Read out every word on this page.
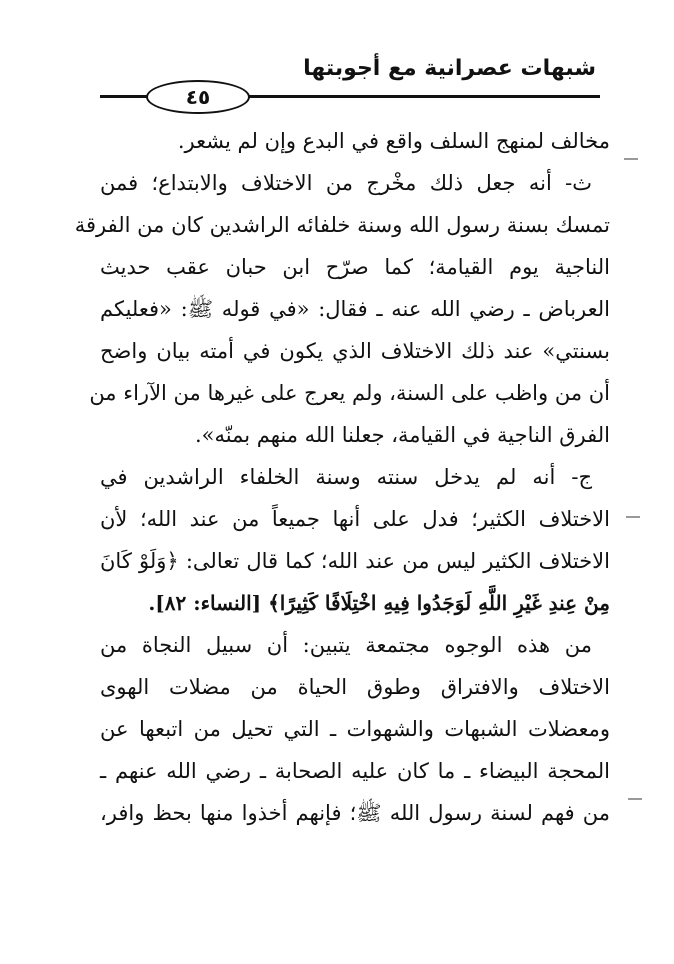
شبهات عصرانية مع أجوبتها
٤٥
مخالف لمنهج السلف واقع في البدع وإن لم يشعر.
ث- أنه جعل ذلك مخْرج من الاختلاف والابتداع؛ فمن
تمسك بسنة رسول الله وسنة خلفائه الراشدين كان من الفرقة
الناجية يوم القيامة؛ كما صرّح ابن حبان عقب حديث
العرباض ـ رضي الله عنه ـ فقال: «في قوله ﷺ: «فعليكم
بسنتي» عند ذلك الاختلاف الذي يكون في أمته بيان واضح
أن من واظب على السنة، ولم يعرج على غيرها من الآراء من
الفرق الناجية في القيامة، جعلنا الله منهم بمنّه».
ج- أنه لم يدخل سنته وسنة الخلفاء الراشدين في
الاختلاف الكثير؛ فدل على أنها جميعاً من عند الله؛ لأن
الاختلاف الكثير ليس من عند الله؛ كما قال تعالى: ﴿وَلَوْ كَانَ
مِنْ عِندِ غَيْرِ اللَّهِ لَوَجَدُوا فِيهِ اخْتِلَافًا كَثِيرًا﴾ [النساء: ٨٢].
من هذه الوجوه مجتمعة يتبين: أن سبيل النجاة من
الاختلاف والافتراق وطوق الحياة من مضلات الهوى
ومعضلات الشبهات والشهوات ـ التي تحيل من اتبعها عن
المحجة البيضاء ـ ما كان عليه الصحابة ـ رضي الله عنهم ـ
من فهم لسنة رسول الله ﷺ؛ فإنهم أخذوا منها بحظ وافر،
